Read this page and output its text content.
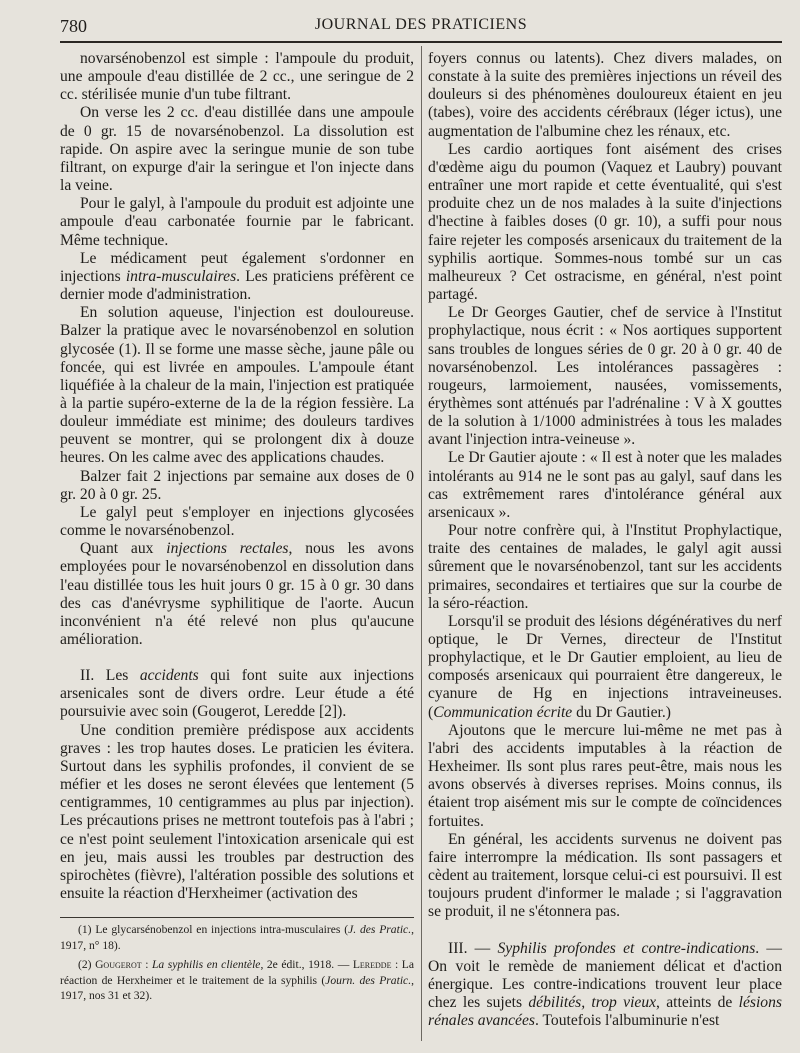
780	JOURNAL DES PRATICIENS

novarsénobenzol est simple : l'ampoule du produit, une ampoule d'eau distillée de 2 cc., une seringue de 2 cc. stérilisée munie d'un tube filtrant.

On verse les 2 cc. d'eau distillée dans une ampoule de 0 gr. 15 de novarsénobenzol. La dissolution est rapide. On aspire avec la seringue munie de son tube filtrant, on expurge d'air la seringue et l'on injecte dans la veine.

Pour le galyl, à l'ampoule du produit est adjointe une ampoule d'eau carbonatée fournie par le fabricant. Même technique.

Le médicament peut également s'ordonner en injections intra-musculaires. Les praticiens préfèrent ce dernier mode d'administration.

En solution aqueuse, l'injection est douloureuse. Balzer la pratique avec le novarsénobenzol en solution glycosée (1). Il se forme une masse sèche, jaune pâle ou foncée, qui est livrée en ampoules. L'ampoule étant liquéfiée à la chaleur de la main, l'injection est pratiquée à la partie supéro-externe de la de la région fessière. La douleur immédiate est minime; des douleurs tardives peuvent se montrer, qui se prolongent dix à douze heures. On les calme avec des applications chaudes.

Balzer fait 2 injections par semaine aux doses de 0 gr. 20 à 0 gr. 25.

Le galyl peut s'employer en injections glycosées comme le novarsénobenzol.

Quant aux injections rectales, nous les avons employées pour le novarsénobenzol en dissolution dans l'eau distillée tous les huit jours 0 gr. 15 à 0 gr. 30 dans des cas d'anévrysme syphilitique de l'aorte. Aucun inconvénient n'a été relevé non plus qu'aucune amélioration.

II. Les accidents qui font suite aux injections arsenicales sont de divers ordre. Leur étude a été poursuivie avec soin (Gougerot, Leredde [2]).

Une condition première prédispose aux accidents graves : les trop hautes doses. Le praticien les évitera. Surtout dans les syphilis profondes, il convient de se méfier et les doses ne seront élevées que lentement (5 centigrammes, 10 centigrammes au plus par injection). Les précautions prises ne mettront toutefois pas à l'abri ; ce n'est point seulement l'intoxication arsenicale qui est en jeu, mais aussi les troubles par destruction des spirochètes (fièvre), l'altération possible des solutions et ensuite la réaction d'Herxheimer (activation des

(1) Le glycarsénobenzol en injections intra-musculaires (J. des Pratic., 1917, n° 18).

(2) Gougerot : La syphilis en clientèle, 2e édit., 1918. — Leredde : La réaction de Herxheimer et le traitement de la syphilis (Journ. des Pratic., 1917, nos 31 et 32).

foyers connus ou latents). Chez divers malades, on constate à la suite des premières injections un réveil des douleurs si des phénomènes douloureux étaient en jeu (tabes), voire des accidents cérébraux (léger ictus), une augmentation de l'albumine chez les rénaux, etc.

Les cardio aortiques font aisément des crises d'œdème aigu du poumon (Vaquez et Laubry) pouvant entraîner une mort rapide et cette éventualité, qui s'est produite chez un de nos malades à la suite d'injections d'hectine à faibles doses (0 gr. 10), a suffi pour nous faire rejeter les composés arsenicaux du traitement de la syphilis aortique. Sommes-nous tombé sur un cas malheureux ? Cet ostracisme, en général, n'est point partagé.

Le Dr Georges Gautier, chef de service à l'Institut prophylactique, nous écrit : « Nos aortiques supportent sans troubles de longues séries de 0 gr. 20 à 0 gr. 40 de novarsénobenzol. Les intolérances passagères : rougeurs, larmoiement, nausées, vomissements, érythèmes sont atténués par l'adrénaline : V à X gouttes de la solution à 1/1000 administrées à tous les malades avant l'injection intra-veineuse ».

Le Dr Gautier ajoute : « Il est à noter que les malades intolérants au 914 ne le sont pas au galyl, sauf dans les cas extrêmement rares d'intolérance général aux arsenicaux ».

Pour notre confrère qui, à l'Institut Prophylactique, traite des centaines de malades, le galyl agit aussi sûrement que le novarsénobenzol, tant sur les accidents primaires, secondaires et tertiaires que sur la courbe de la séro-réaction.

Lorsqu'il se produit des lésions dégénératives du nerf optique, le Dr Vernes, directeur de l'Institut prophylactique, et le Dr Gautier emploient, au lieu de composés arsenicaux qui pourraient être dangereux, le cyanure de Hg en injections intraveineuses. (Communication écrite du Dr Gautier.)

Ajoutons que le mercure lui-même ne met pas à l'abri des accidents imputables à la réaction de Hexheimer. Ils sont plus rares peut-être, mais nous les avons observés à diverses reprises. Moins connus, ils étaient trop aisément mis sur le compte de coïncidences fortuites.

En général, les accidents survenus ne doivent pas faire interrompre la médication. Ils sont passagers et cèdent au traitement, lorsque celui-ci est poursuivi. Il est toujours prudent d'informer le malade ; si l'aggravation se produit, il ne s'étonnera pas.

III. — Syphilis profondes et contre-indications. — On voit le remède de maniement délicat et d'action énergique. Les contre-indications trouvent leur place chez les sujets débilités, trop vieux, atteints de lésions rénales avancées. Toutefois l'albuminurie n'est
